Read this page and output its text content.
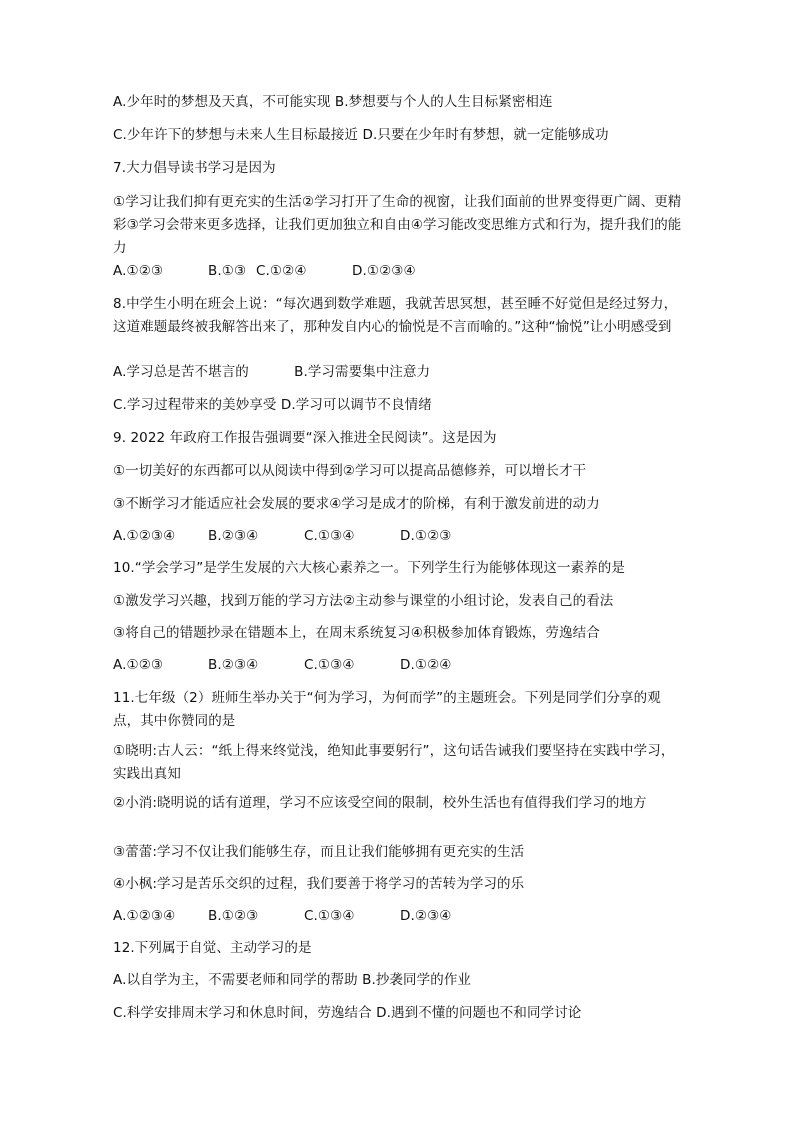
A.少年时的梦想及天真，不可能实现 B.梦想要与个人的人生目标紧密相连
C.少年许下的梦想与未来人生目标最接近 D.只要在少年时有梦想，就一定能够成功
7.大力倡导读书学习是因为
①学习让我们抑有更充实的生活②学习打开了生命的视窗，让我们面前的世界变得更广阔、更精彩③学习会带来更多选择，让我们更加独立和自由④学习能改变思维方式和行为，提升我们的能力
A.①②③	B.①③ C.①②④	D.①②③④
8.中学生小明在班会上说：“每次遇到数学难题，我就苦思冥想，甚至睡不好觉但是经过努力，这道难题最终被我解答出来了，那种发自内心的愉悦是不言而喻的。”这种“愉悦”让小明感受到
A.学习总是苦不堪言的　　　 B.学习需要集中注意力
C.学习过程带来的美妙享受 D.学习可以调节不良情绪
9. 2022 年政府工作报告强调要“深入推进全民阅读”。这是因为
①一切美好的东西都可以从阅读中得到②学习可以提高品德修养，可以增长才干
③不断学习才能适应社会发展的要求④学习是成才的阶梯，有利于激发前进的动力
A.①②③④ B.②③④	C.①③④	D.①②③
10.“学会学习”是学生发展的六大核心素养之一。下列学生行为能够体现这一素养的是
①激发学习兴趣，找到万能的学习方法②主动参与课堂的小组讨论，发表自己的看法
③将自己的错题抄录在错题本上，在周末系统复习④积极参加体育锻炼，劳逸结合
A.①②③	B.②③④	C.①③④	D.①②④
11.七年级（2）班师生举办关于“何为学习，为何而学”的主题班会。下列是同学们分享的观点，其中你赞同的是
①晓明:古人云：“纸上得来终觉浅，绝知此事要躬行”，这句话告诫我们要坚持在实践中学习，实践出真知
②小消:晓明说的话有道理，学习不应该受空间的限制，校外生活也有值得我们学习的地方
③蕾蕾:学习不仅让我们能够生存，而且让我们能够拥有更充实的生活
④小枫:学习是苦乐交织的过程，我们要善于将学习的苦转为学习的乐
A.①②③④ B.①②③	C.①③④	D.②③④
12.下列属于自觉、主动学习的是
A.以自学为主，不需要老师和同学的帮助 B.抄袭同学的作业
C.科学安排周末学习和休息时间，劳逸结合 D.遇到不懂的问题也不和同学讨论
